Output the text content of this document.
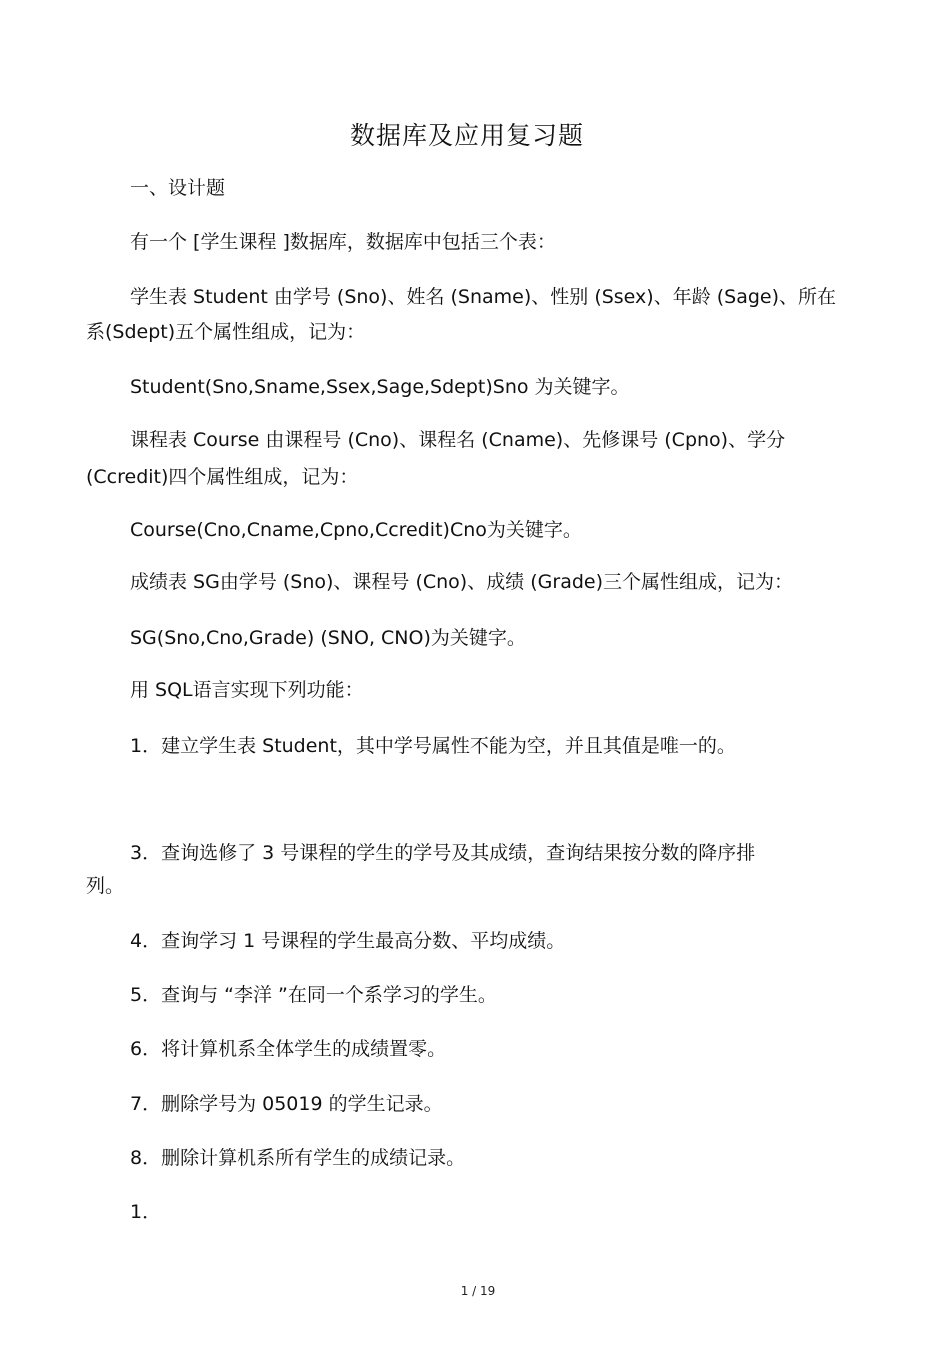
数据库及应用复习题
一、设计题
有一个 [学生课程 ]数据库，数据库中包括三个表：
学生表 Student 由学号 (Sno)、姓名 (Sname)、性别 (Ssex)、年龄 (Sage)、所在
系(Sdept)五个属性组成，记为：
Student(Sno,Sname,Ssex,Sage,Sdept)Sno 为关键字。
课程表 Course 由课程号 (Cno)、课程名 (Cname)、先修课号 (Cpno)、学分
(Ccredit)四个属性组成，记为：
Course(Cno,Cname,Cpno,Ccredit)Cno为关键字。
成绩表 SG由学号 (Sno)、课程号 (Cno)、成绩 (Grade)三个属性组成，记为：
SG(Sno,Cno,Grade) (SNO, CNO)为关键字。
用 SQL语言实现下列功能：
1．建立学生表 Student，其中学号属性不能为空，并且其值是唯一的。
3．查询选修了 3 号课程的学生的学号及其成绩，查询结果按分数的降序排
列。
4．查询学习 1 号课程的学生最高分数、平均成绩。
5．查询与 “李洋 ”在同一个系学习的学生。
6．将计算机系全体学生的成绩置零。
7．删除学号为 05019 的学生记录。
8．删除计算机系所有学生的成绩记录。
1．
1 / 19
